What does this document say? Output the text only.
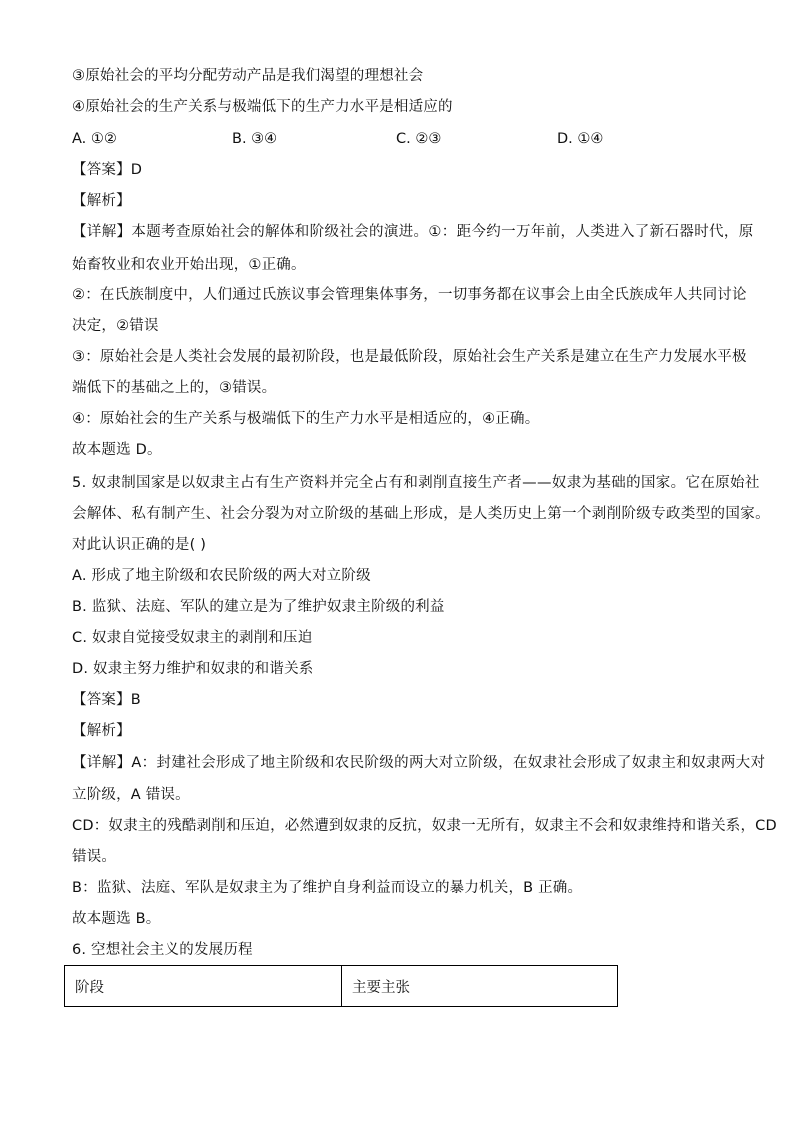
③原始社会的平均分配劳动产品是我们渴望的理想社会
④原始社会的生产关系与极端低下的生产力水平是相适应的
A. ①②	B. ③④	C. ②③	D. ①④
【答案】D
【解析】
【详解】本题考查原始社会的解体和阶级社会的演进。①：距今约一万年前，人类进入了新石器时代，原
始畜牧业和农业开始出现，①正确。
②：在氏族制度中，人们通过氏族议事会管理集体事务，一切事务都在议事会上由全氏族成年人共同讨论
决定，②错误
③：原始社会是人类社会发展的最初阶段，也是最低阶段，原始社会生产关系是建立在生产力发展水平极
端低下的基础之上的，③错误。
④：原始社会的生产关系与极端低下的生产力水平是相适应的，④正确。
故本题选 D。
5. 奴隶制国家是以奴隶主占有生产资料并完全占有和剥削直接生产者——奴隶为基础的国家。它在原始社
会解体、私有制产生、社会分裂为对立阶级的基础上形成，是人类历史上第一个剥削阶级专政类型的国家。
对此认识正确的是( )
A. 形成了地主阶级和农民阶级的两大对立阶级
B. 监狱、法庭、军队的建立是为了维护奴隶主阶级的利益
C. 奴隶自觉接受奴隶主的剥削和压迫
D. 奴隶主努力维护和奴隶的和谐关系
【答案】B
【解析】
【详解】A：封建社会形成了地主阶级和农民阶级的两大对立阶级，在奴隶社会形成了奴隶主和奴隶两大对
立阶级，A 错误。
CD：奴隶主的残酷剥削和压迫，必然遭到奴隶的反抗，奴隶一无所有，奴隶主不会和奴隶维持和谐关系，CD
错误。
B：监狱、法庭、军队是奴隶主为了维护自身利益而设立的暴力机关，B 正确。
故本题选 B。
6. 空想社会主义的发展历程
阶段	主要主张
